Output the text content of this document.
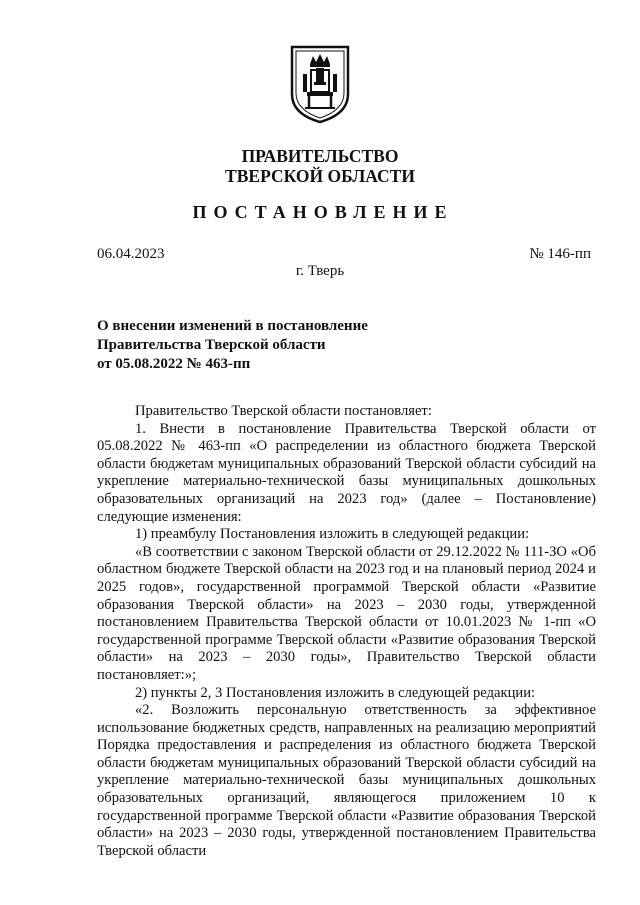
ПРАВИТЕЛЬСТВО
ТВЕРСКОЙ ОБЛАСТИ
ПОСТАНОВЛЕНИЕ
06.04.2023	№ 146-пп
г. Тверь
О внесении изменений в постановление
Правительства Тверской области
от 05.08.2022 № 463-пп

Правительство Тверской области постановляет:

1. Внести в постановление Правительства Тверской области от 05.08.2022 № 463-пп «О распределении из областного бюджета Тверской области бюджетам муниципальных образований Тверской области субсидий на укрепление материально-технической базы муниципальных дошкольных образовательных организаций на 2023 год» (далее – Постановление) следующие изменения:

1) преамбулу Постановления изложить в следующей редакции:

«В соответствии с законом Тверской области от 29.12.2022 № 111-ЗО «Об областном бюджете Тверской области на 2023 год и на плановый период 2024 и 2025 годов», государственной программой Тверской области «Развитие образования Тверской области» на 2023 – 2030 годы, утвержденной постановлением Правительства Тверской области от 10.01.2023 № 1-пп «О государственной программе Тверской области «Развитие образования Тверской области» на 2023 – 2030 годы», Правительство Тверской области постановляет:»;

2) пункты 2, 3 Постановления изложить в следующей редакции:

«2. Возложить персональную ответственность за эффективное использование бюджетных средств, направленных на реализацию мероприятий Порядка предоставления и распределения из областного бюджета Тверской области бюджетам муниципальных образований Тверской области субсидий на укрепление материально-технической базы муниципальных дошкольных образовательных организаций, являющегося приложением 10 к государственной программе Тверской области «Развитие образования Тверской области» на 2023 – 2030 годы, утвержденной постановлением Правительства Тверской области
